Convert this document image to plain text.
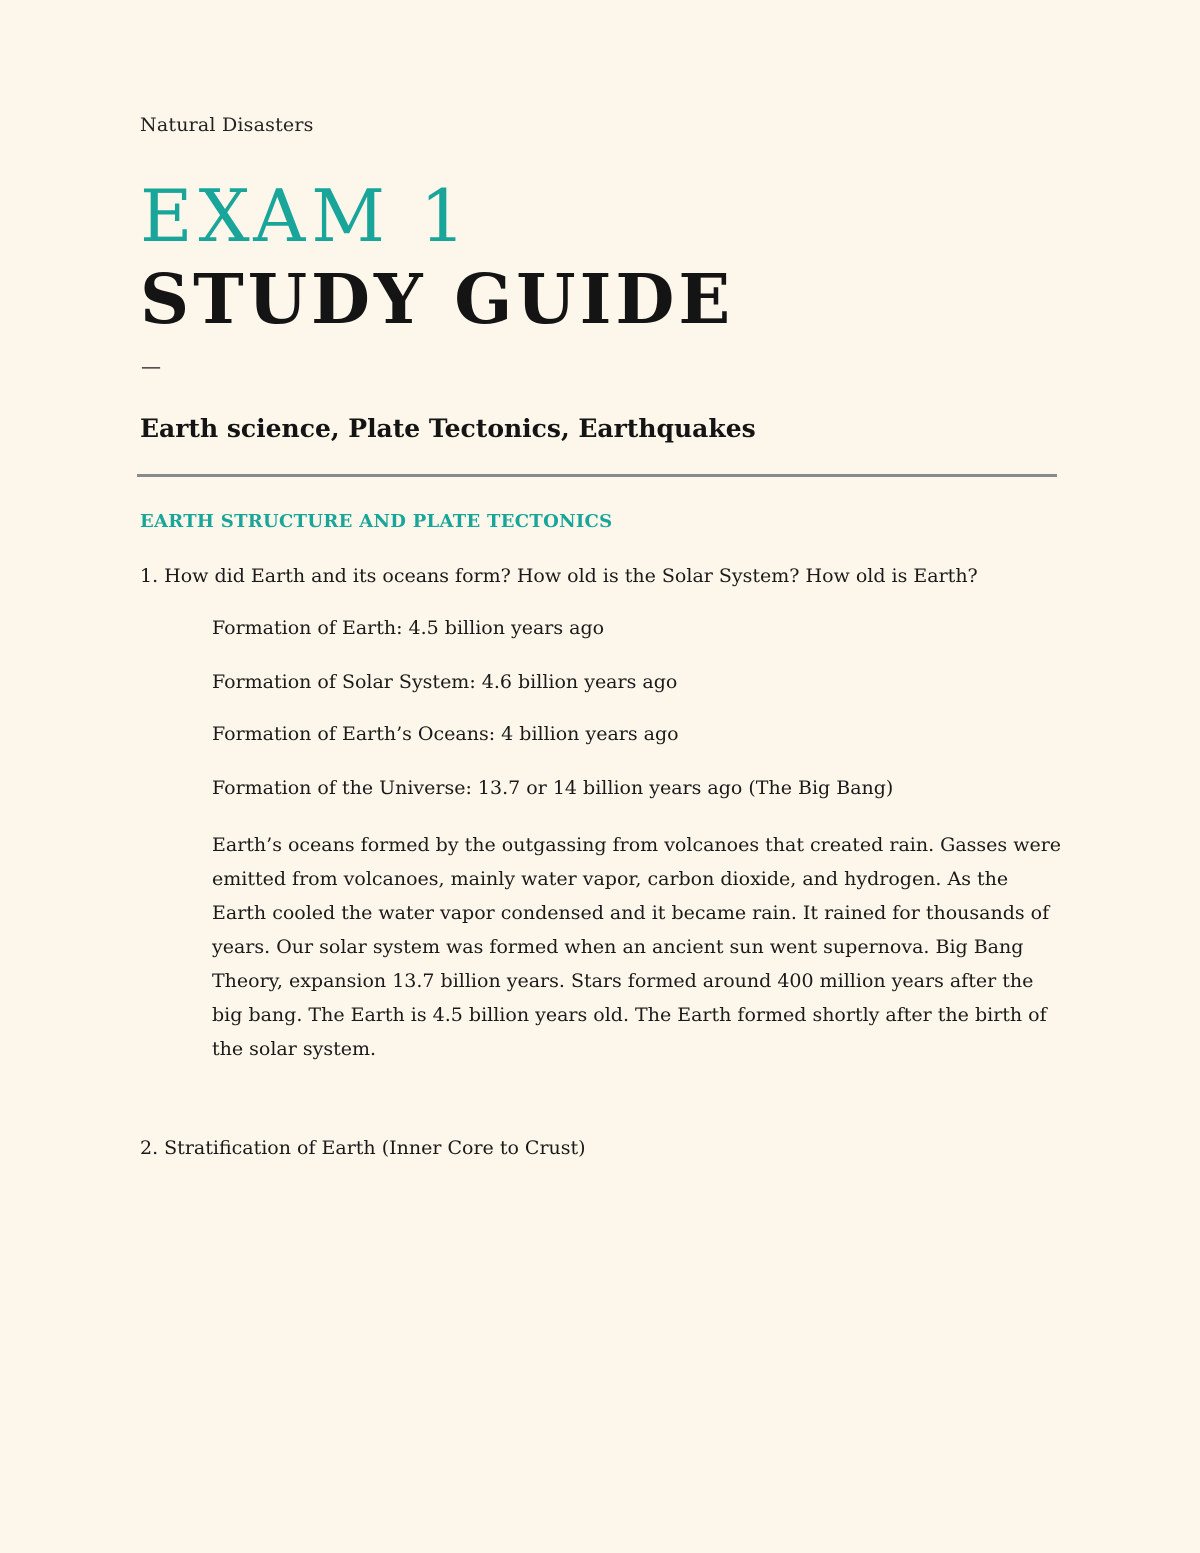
Natural Disasters
EXAM 1
STUDY GUIDE
—
Earth science, Plate Tectonics, Earthquakes
EARTH STRUCTURE AND PLATE TECTONICS
1. How did Earth and its oceans form? How old is the Solar System? How old is Earth?
Formation of Earth: 4.5 billion years ago
Formation of Solar System: 4.6 billion years ago
Formation of Earth’s Oceans: 4 billion years ago
Formation of the Universe: 13.7 or 14 billion years ago (The Big Bang)
Earth’s oceans formed by the outgassing from volcanoes that created rain. Gasses were emitted from volcanoes, mainly water vapor, carbon dioxide, and hydrogen. As the Earth cooled the water vapor condensed and it became rain. It rained for thousands of years. Our solar system was formed when an ancient sun went supernova. Big Bang Theory, expansion 13.7 billion years. Stars formed around 400 million years after the big bang. The Earth is 4.5 billion years old. The Earth formed shortly after the birth of the solar system.
2. Stratification of Earth (Inner Core to Crust)
